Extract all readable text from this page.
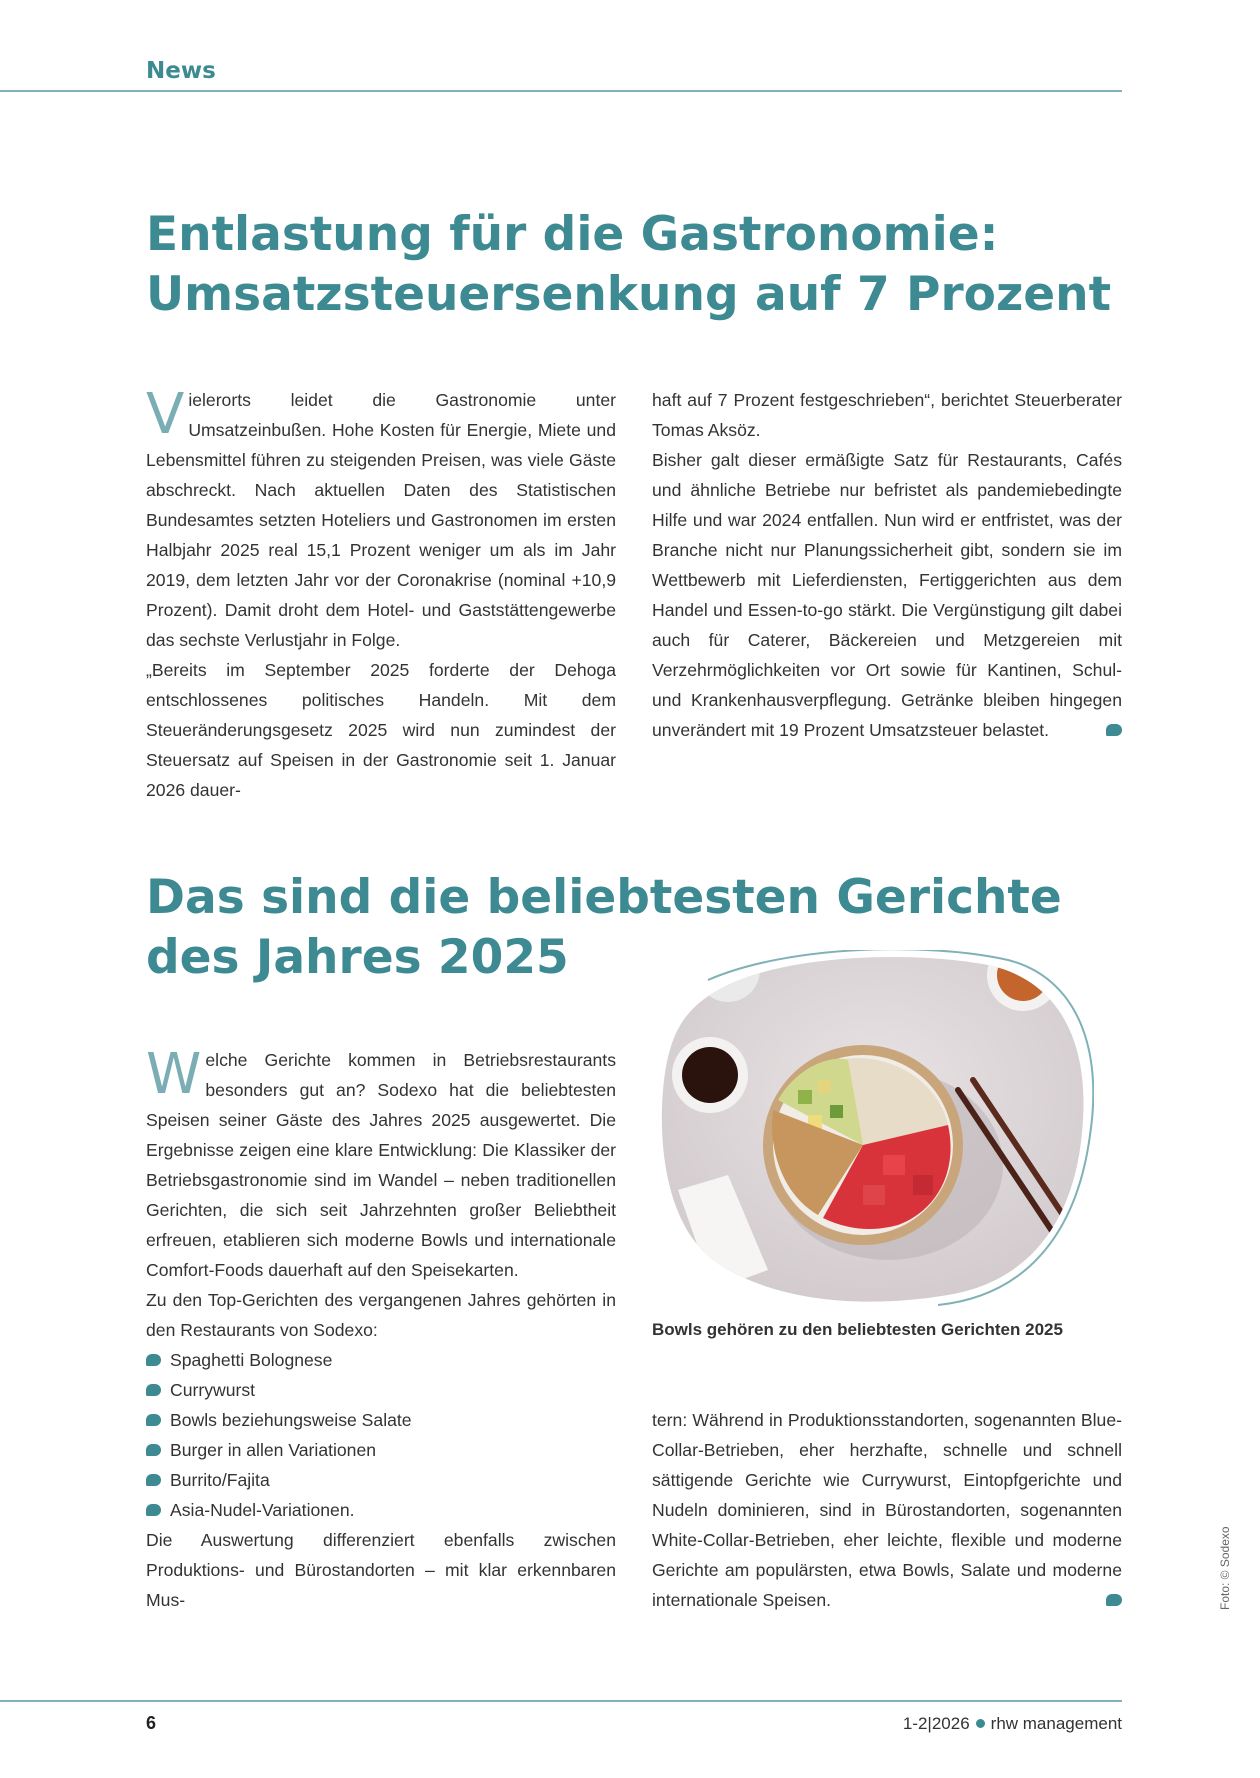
News
Entlastung für die Gastronomie:
Umsatzsteuersenkung auf 7 Prozent

Vielerorts leidet die Gastronomie unter Umsatzeinbußen. Hohe Kosten für Energie, Miete und Lebensmittel führen zu steigenden Preisen, was viele Gäste abschreckt. Nach aktuellen Daten des Statistischen Bundesamtes setzten Hoteliers und Gastronomen im ersten Halbjahr 2025 real 15,1 Prozent weniger um als im Jahr 2019, dem letzten Jahr vor der Coronakrise (nominal +10,9 Prozent). Damit droht dem Hotel- und Gaststättengewerbe das sechste Verlustjahr in Folge.

„Bereits im September 2025 forderte der Dehoga entschlossenes politisches Handeln. Mit dem Steueränderungsgesetz 2025 wird nun zumindest der Steuersatz auf Speisen in der Gastronomie seit 1. Januar 2026 dauer-

haft auf 7 Prozent festgeschrieben“, berichtet Steuerberater Tomas Aksöz.

Bisher galt dieser ermäßigte Satz für Restaurants, Cafés und ähnliche Betriebe nur befristet als pandemiebedingte Hilfe und war 2024 entfallen. Nun wird er entfristet, was der Branche nicht nur Planungssicherheit gibt, sondern sie im Wettbewerb mit Lieferdiensten, Fertiggerichten aus dem Handel und Essen-to-go stärkt. Die Vergünstigung gilt dabei auch für Caterer, Bäckereien und Metzgereien mit Verzehrmöglichkeiten vor Ort sowie für Kantinen, Schul- und Krankenhausverpflegung. Getränke bleiben hingegen unverändert mit 19 Prozent Umsatzsteuer belastet.

Das sind die beliebtesten Gerichte
des Jahres 2025

Welche Gerichte kommen in Betriebsrestaurants besonders gut an? Sodexo hat die beliebtesten Speisen seiner Gäste des Jahres 2025 ausgewertet. Die Ergebnisse zeigen eine klare Entwicklung: Die Klassiker der Betriebsgastronomie sind im Wandel – neben traditionellen Gerichten, die sich seit Jahrzehnten großer Beliebtheit erfreuen, etablieren sich moderne Bowls und internationale Comfort-Foods dauerhaft auf den Speisekarten.

Zu den Top-Gerichten des vergangenen Jahres gehörten in den Restaurants von Sodexo:

Spaghetti Bolognese
Currywurst
Bowls beziehungsweise Salate
Burger in allen Variationen
Burrito/Fajita
Asia-Nudel-Variationen.

Die Auswertung differenziert ebenfalls zwischen Produktions- und Bürostandorten – mit klar erkennbaren Mus-

Bowls gehören zu den beliebtesten Gerichten 2025
Foto: © Sodexo

tern: Während in Produktionsstandorten, sogenannten Blue-Collar-Betrieben, eher herzhafte, schnelle und schnell sättigende Gerichte wie Currywurst, Eintopfgerichte und Nudeln dominieren, sind in Bürostandorten, sogenannten White-Collar-Betrieben, eher leichte, flexible und moderne Gerichte am populärsten, etwa Bowls, Salate und moderne internationale Speisen.

6	1-2|2026 rhw management
